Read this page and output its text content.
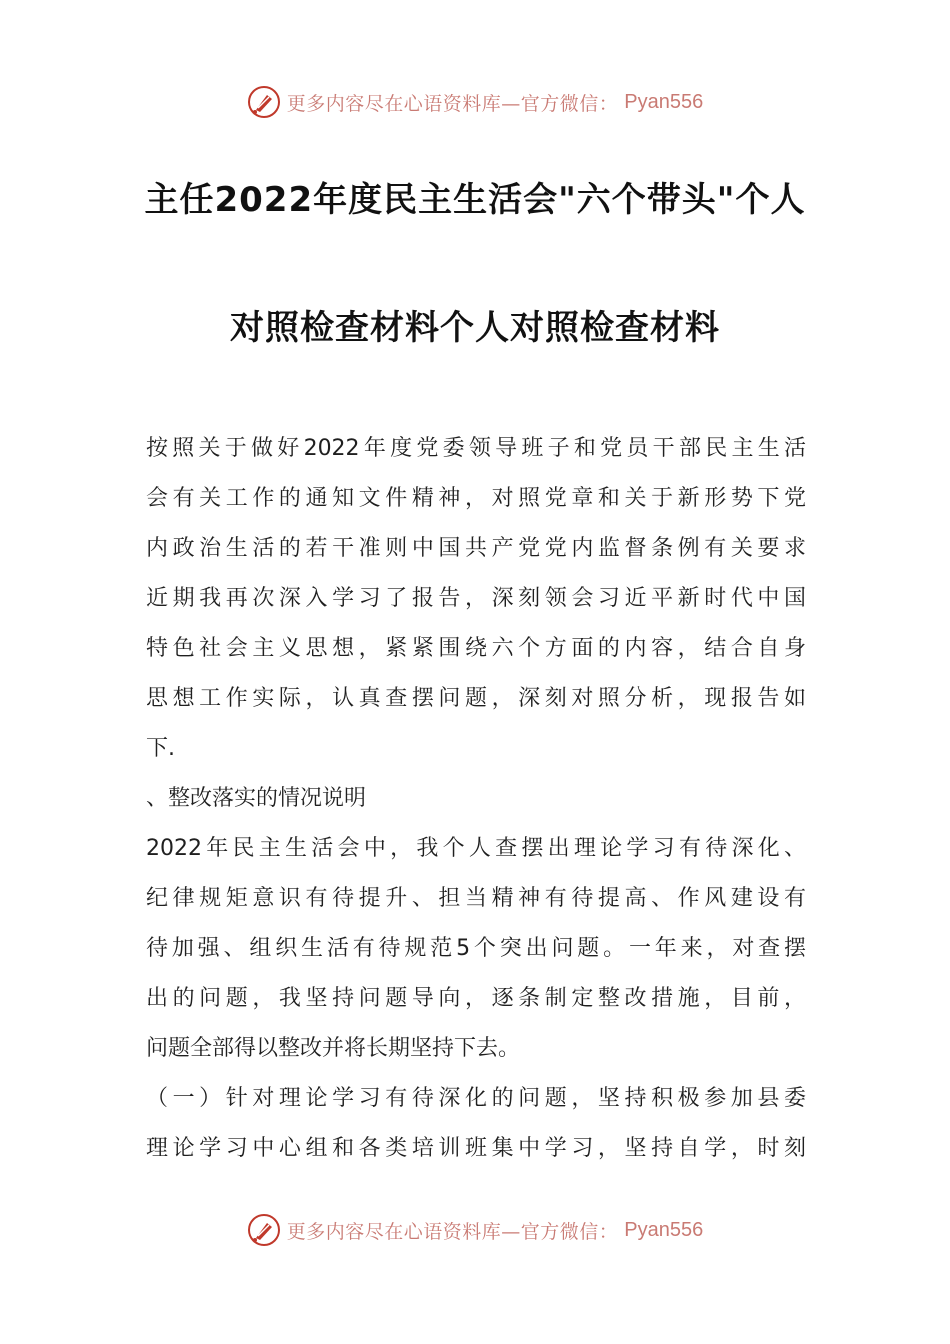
更多内容尽在心语资料库—官方微信： Pyan556
主任2022年度民主生活会"六个带头"个人
对照检查材料个人对照检查材料
按照关于做好2022年度党委领导班子和党员干部民主生活
会有关工作的通知文件精神，对照党章和关于新形势下党
内政治生活的若干准则中国共产党党内监督条例有关要求
近期我再次深入学习了报告，深刻领会习近平新时代中国
特色社会主义思想，紧紧围绕六个方面的内容，结合自身
思想工作实际，认真查摆问题，深刻对照分析，现报告如
下.
、整改落实的情况说明
2022年民主生活会中，我个人查摆出理论学习有待深化、
纪律规矩意识有待提升、担当精神有待提高、作风建设有
待加强、组织生活有待规范5个突出问题。一年来，对查摆
出的问题，我坚持问题导向，逐条制定整改措施，目前，
问题全部得以整改并将长期坚持下去。
（一）针对理论学习有待深化的问题，坚持积极参加县委
理论学习中心组和各类培训班集中学习，坚持自学，时刻
更多内容尽在心语资料库—官方微信： Pyan556
